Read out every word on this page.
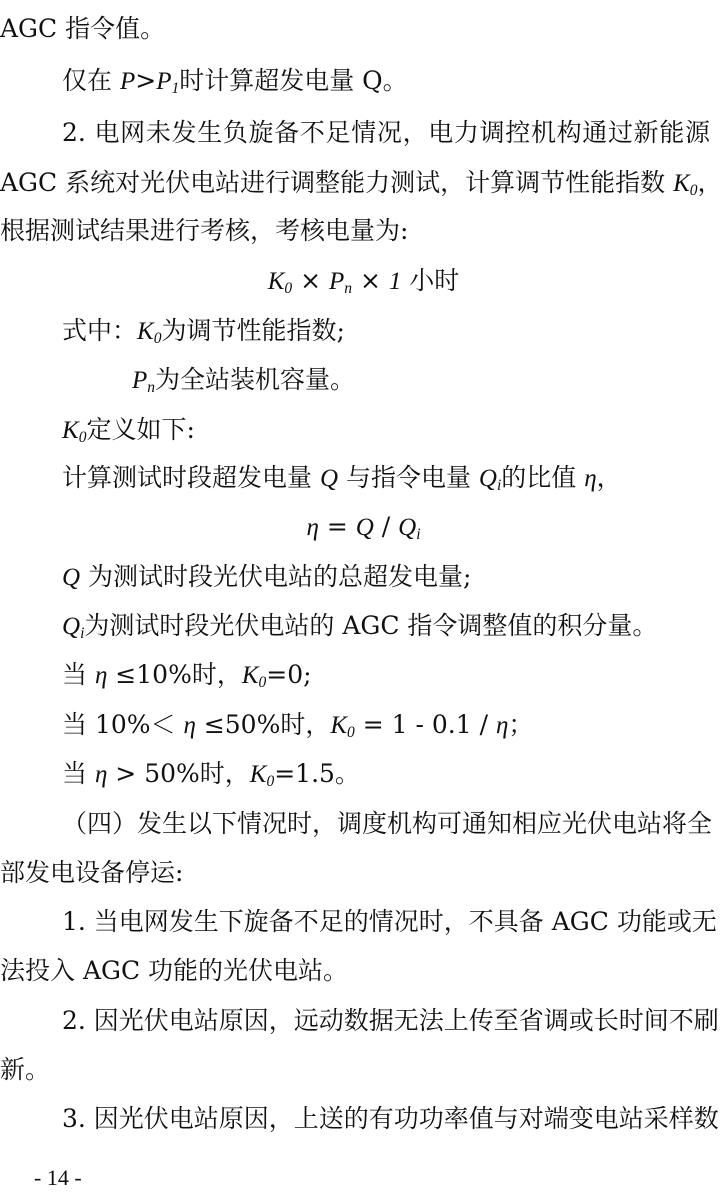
AGC 指令值。
仅在 $P>P_1$时计算超发电量 Q。
2. 电网未发生负旋备不足情况，电力调控机构通过新能源
AGC 系统对光伏电站进行调整能力测试，计算调节性能指数 $K_0$，
根据测试结果进行考核，考核电量为:
$K_0 \times P_n \times 1$ 小时
式中：$K_0$为调节性能指数;
$P_n$为全站装机容量。
$K_0$定义如下:
计算测试时段超发电量 Q 与指令电量 $Q_i$的比值 η，
$\eta = Q / Q_i$
Q 为测试时段光伏电站的总超发电量;
$Q_i$为测试时段光伏电站的 AGC 指令调整值的积分量。
当 η ≤10%时，$K_0=0$;
当 10%＜ η ≤50%时，$K_0 = 1 - 0.1 / \eta$；
当 η > 50%时，$K_0=1.5$。
（四）发生以下情况时，调度机构可通知相应光伏电站将全
部发电设备停运:
1. 当电网发生下旋备不足的情况时，不具备 AGC 功能或无
法投入 AGC 功能的光伏电站。
2. 因光伏电站原因，远动数据无法上传至省调或长时间不刷
新。
3. 因光伏电站原因，上送的有功功率值与对端变电站采样数
- 14 -
